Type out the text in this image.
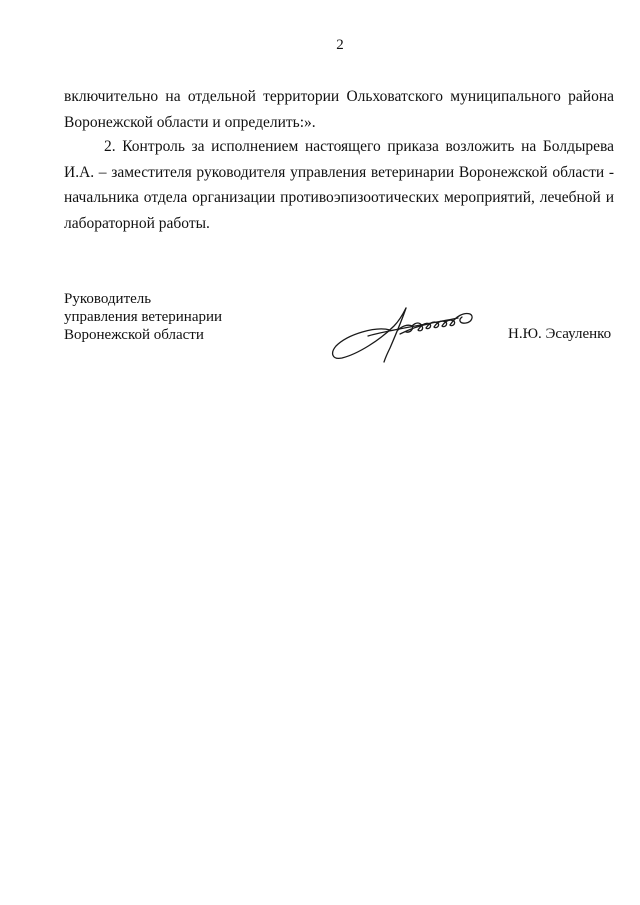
2
включительно на отдельной территории Ольховатского муниципального района Воронежской области и определить:».
2. Контроль за исполнением настоящего приказа возложить на Болдырева И.А. – заместителя руководителя управления ветеринарии Воронежской области - начальника отдела организации противоэпизоотических мероприятий, лечебной и лабораторной работы.
Руководитель
управления ветеринарии
Воронежской области	Н.Ю. Эсауленко
